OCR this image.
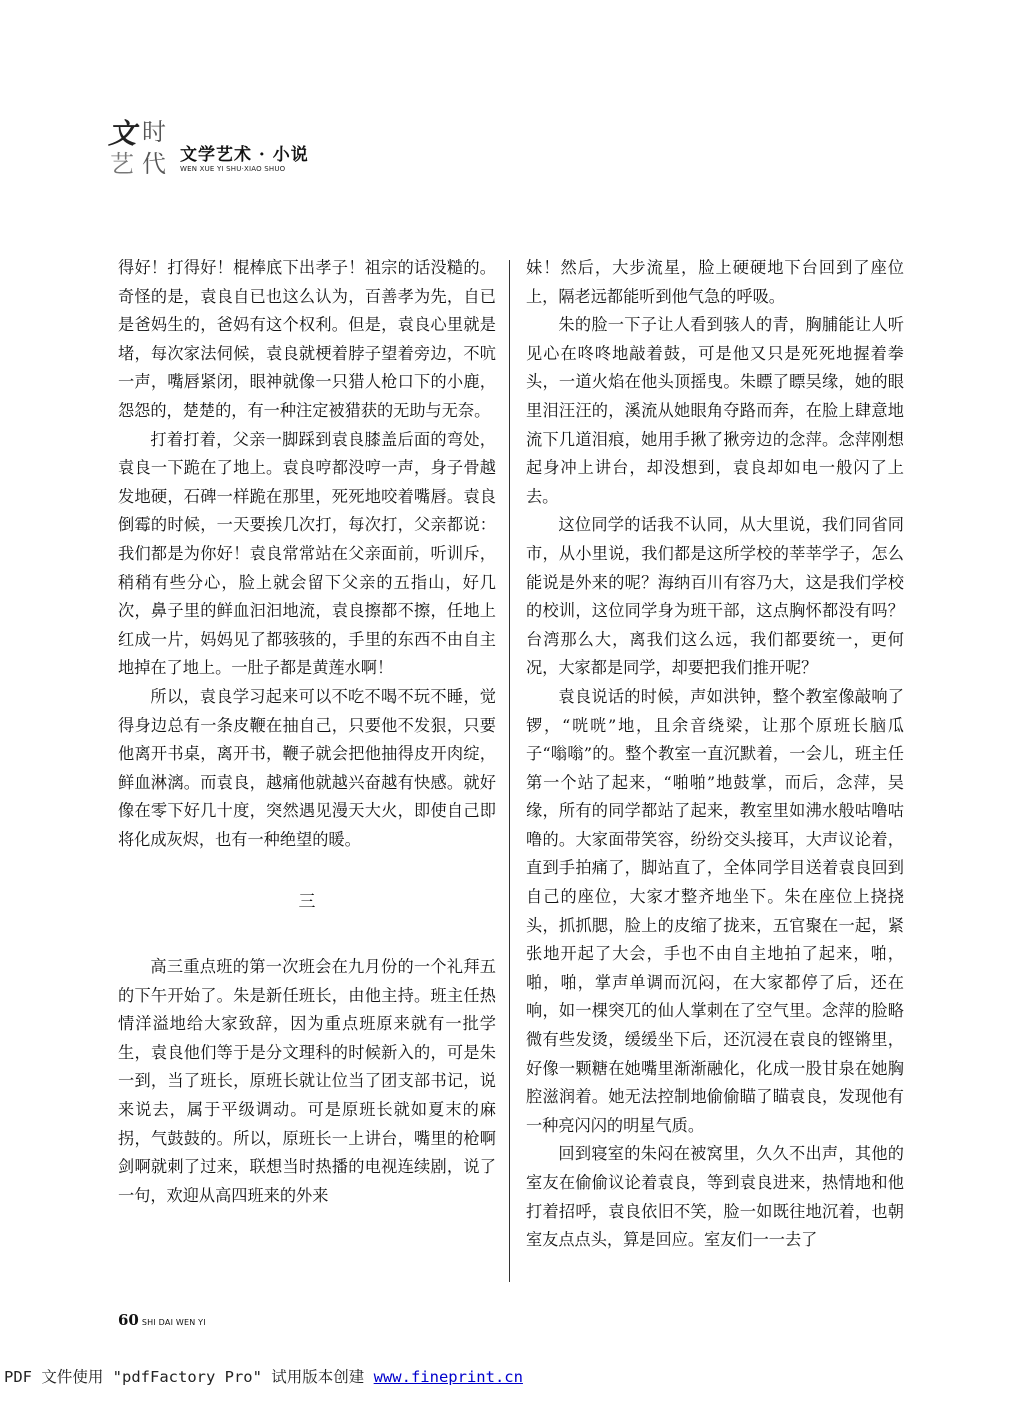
文 时
艺 代 文学艺术 · 小说
WEN XUE YI SHU·XIAO SHUO

得好！打得好！棍棒底下出孝子！祖宗的话没糙的。奇怪的是，袁良自已也这么认为，百善孝为先，自已是爸妈生的，爸妈有这个权利。但是，袁良心里就是堵，每次家法伺候，袁良就梗着脖子望着旁边，不吭一声，嘴唇紧闭，眼神就像一只猎人枪口下的小鹿，怨怨的，楚楚的，有一种注定被猎获的无助与无奈。

打着打着，父亲一脚踩到袁良膝盖后面的弯处，袁良一下跪在了地上。袁良哼都没哼一声，身子骨越发地硬，石碑一样跪在那里，死死地咬着嘴唇。袁良倒霉的时候，一天要挨几次打，每次打，父亲都说：我们都是为你好！袁良常常站在父亲面前，听训斥，稍稍有些分心，脸上就会留下父亲的五指山，好几次，鼻子里的鲜血汩汩地流，袁良擦都不擦，任地上红成一片，妈妈见了都骇骇的，手里的东西不由自主地掉在了地上。一肚子都是黄莲水啊！

所以，袁良学习起来可以不吃不喝不玩不睡，觉得身边总有一条皮鞭在抽自己，只要他不发狠，只要他离开书桌，离开书，鞭子就会把他抽得皮开肉绽，鲜血淋漓。而袁良，越痛他就越兴奋越有快感。就好像在零下好几十度，突然遇见漫天大火，即使自己即将化成灰烬，也有一种绝望的暖。

三

高三重点班的第一次班会在九月份的一个礼拜五的下午开始了。朱是新任班长，由他主持。班主任热情洋溢地给大家致辞，因为重点班原来就有一批学生，袁良他们等于是分文理科的时候新入的，可是朱一到，当了班长，原班长就让位当了团支部书记，说来说去，属于平级调动。可是原班长就如夏末的麻拐，气鼓鼓的。所以，原班长一上讲台，嘴里的枪啊剑啊就刺了过来，联想当时热播的电视连续剧，说了一句，欢迎从高四班来的外来

妹！然后，大步流星，脸上硬硬地下台回到了座位上，隔老远都能听到他气急的呼吸。

朱的脸一下子让人看到骇人的青，胸脯能让人听见心在咚咚地敲着鼓，可是他又只是死死地握着拳头，一道火焰在他头顶摇曳。朱瞟了瞟吴缘，她的眼里泪汪汪的，溪流从她眼角夺路而奔，在脸上肆意地流下几道泪痕，她用手揪了揪旁边的念萍。念萍刚想起身冲上讲台，却没想到，袁良却如电一般闪了上去。

这位同学的话我不认同，从大里说，我们同省同市，从小里说，我们都是这所学校的莘莘学子，怎么能说是外来的呢？海纳百川有容乃大，这是我们学校的校训，这位同学身为班干部，这点胸怀都没有吗？台湾那么大，离我们这么远，我们都要统一，更何况，大家都是同学，却要把我们推开呢？

袁良说话的时候，声如洪钟，整个教室像敲响了锣，“咣咣”地，且余音绕梁，让那个原班长脑瓜子“嗡嗡”的。整个教室一直沉默着，一会儿，班主任第一个站了起来，“啪啪”地鼓掌，而后，念萍，吴缘，所有的同学都站了起来，教室里如沸水般咕噜咕噜的。大家面带笑容，纷纷交头接耳，大声议论着，直到手拍痛了，脚站直了，全体同学目送着袁良回到自己的座位，大家才整齐地坐下。朱在座位上挠挠头，抓抓腮，脸上的皮缩了拢来，五官聚在一起，紧张地开起了大会，手也不由自主地拍了起来，啪，啪，啪，掌声单调而沉闷，在大家都停了后，还在响，如一棵突兀的仙人掌刺在了空气里。念萍的脸略微有些发烫，缓缓坐下后，还沉浸在袁良的铿锵里，好像一颗糖在她嘴里渐渐融化，化成一股甘泉在她胸腔滋润着。她无法控制地偷偷瞄了瞄袁良，发现他有一种亮闪闪的明星气质。

回到寝室的朱闷在被窝里，久久不出声，其他的室友在偷偷议论着袁良，等到袁良进来，热情地和他打着招呼，袁良依旧不笑，脸一如既往地沉着，也朝室友点点头，算是回应。室友们一一去了

60 SHI DAI WEN YI
PDF 文件使用 "pdfFactory Pro" 试用版本创建 www.fineprint.cn
